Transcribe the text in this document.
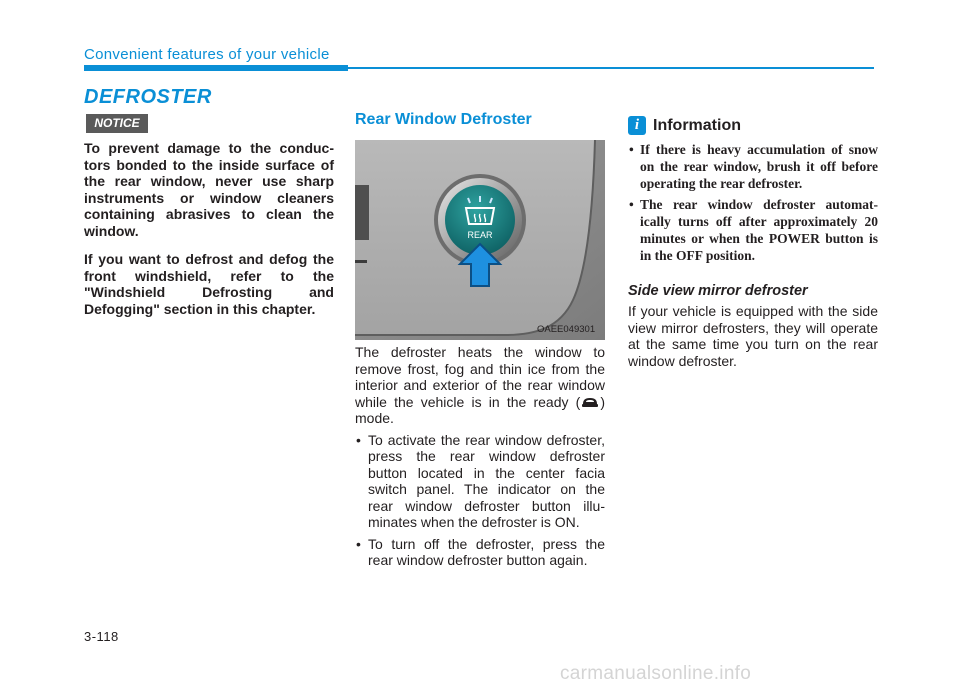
Convenient features of your vehicle
DEFROSTER
NOTICE

To prevent damage to the conduc-tors bonded to the inside surface of the rear window, never use sharp instruments or window cleaners containing abrasives to clean the window.

If you want to defrost and defog the front windshield, refer to the "Windshield Defrosting and Defogging" section in this chapter.

Rear Window Defroster
REAR
OAEE049301

The defroster heats the window to remove frost, fog and thin ice from the interior and exterior of the rear window while the vehicle is in the ready ( ) mode.

• To activate the rear window defroster, press the rear window defroster button located in the center facia switch panel. The indicator on the rear window defroster button illu-minates when the defroster is ON.
• To turn off the defroster, press the rear window defroster button again.
i Information
• If there is heavy accumulation of snow on the rear window, brush it off before operating the rear defroster.
• The rear window defroster automat-ically turns off after approximately 20 minutes or when the POWER button is in the OFF position.
Side view mirror defroster
If your vehicle is equipped with the side view mirror defrosters, they will operate at the same time you turn on the rear window defroster.
3-118
carmanualsonline.info
